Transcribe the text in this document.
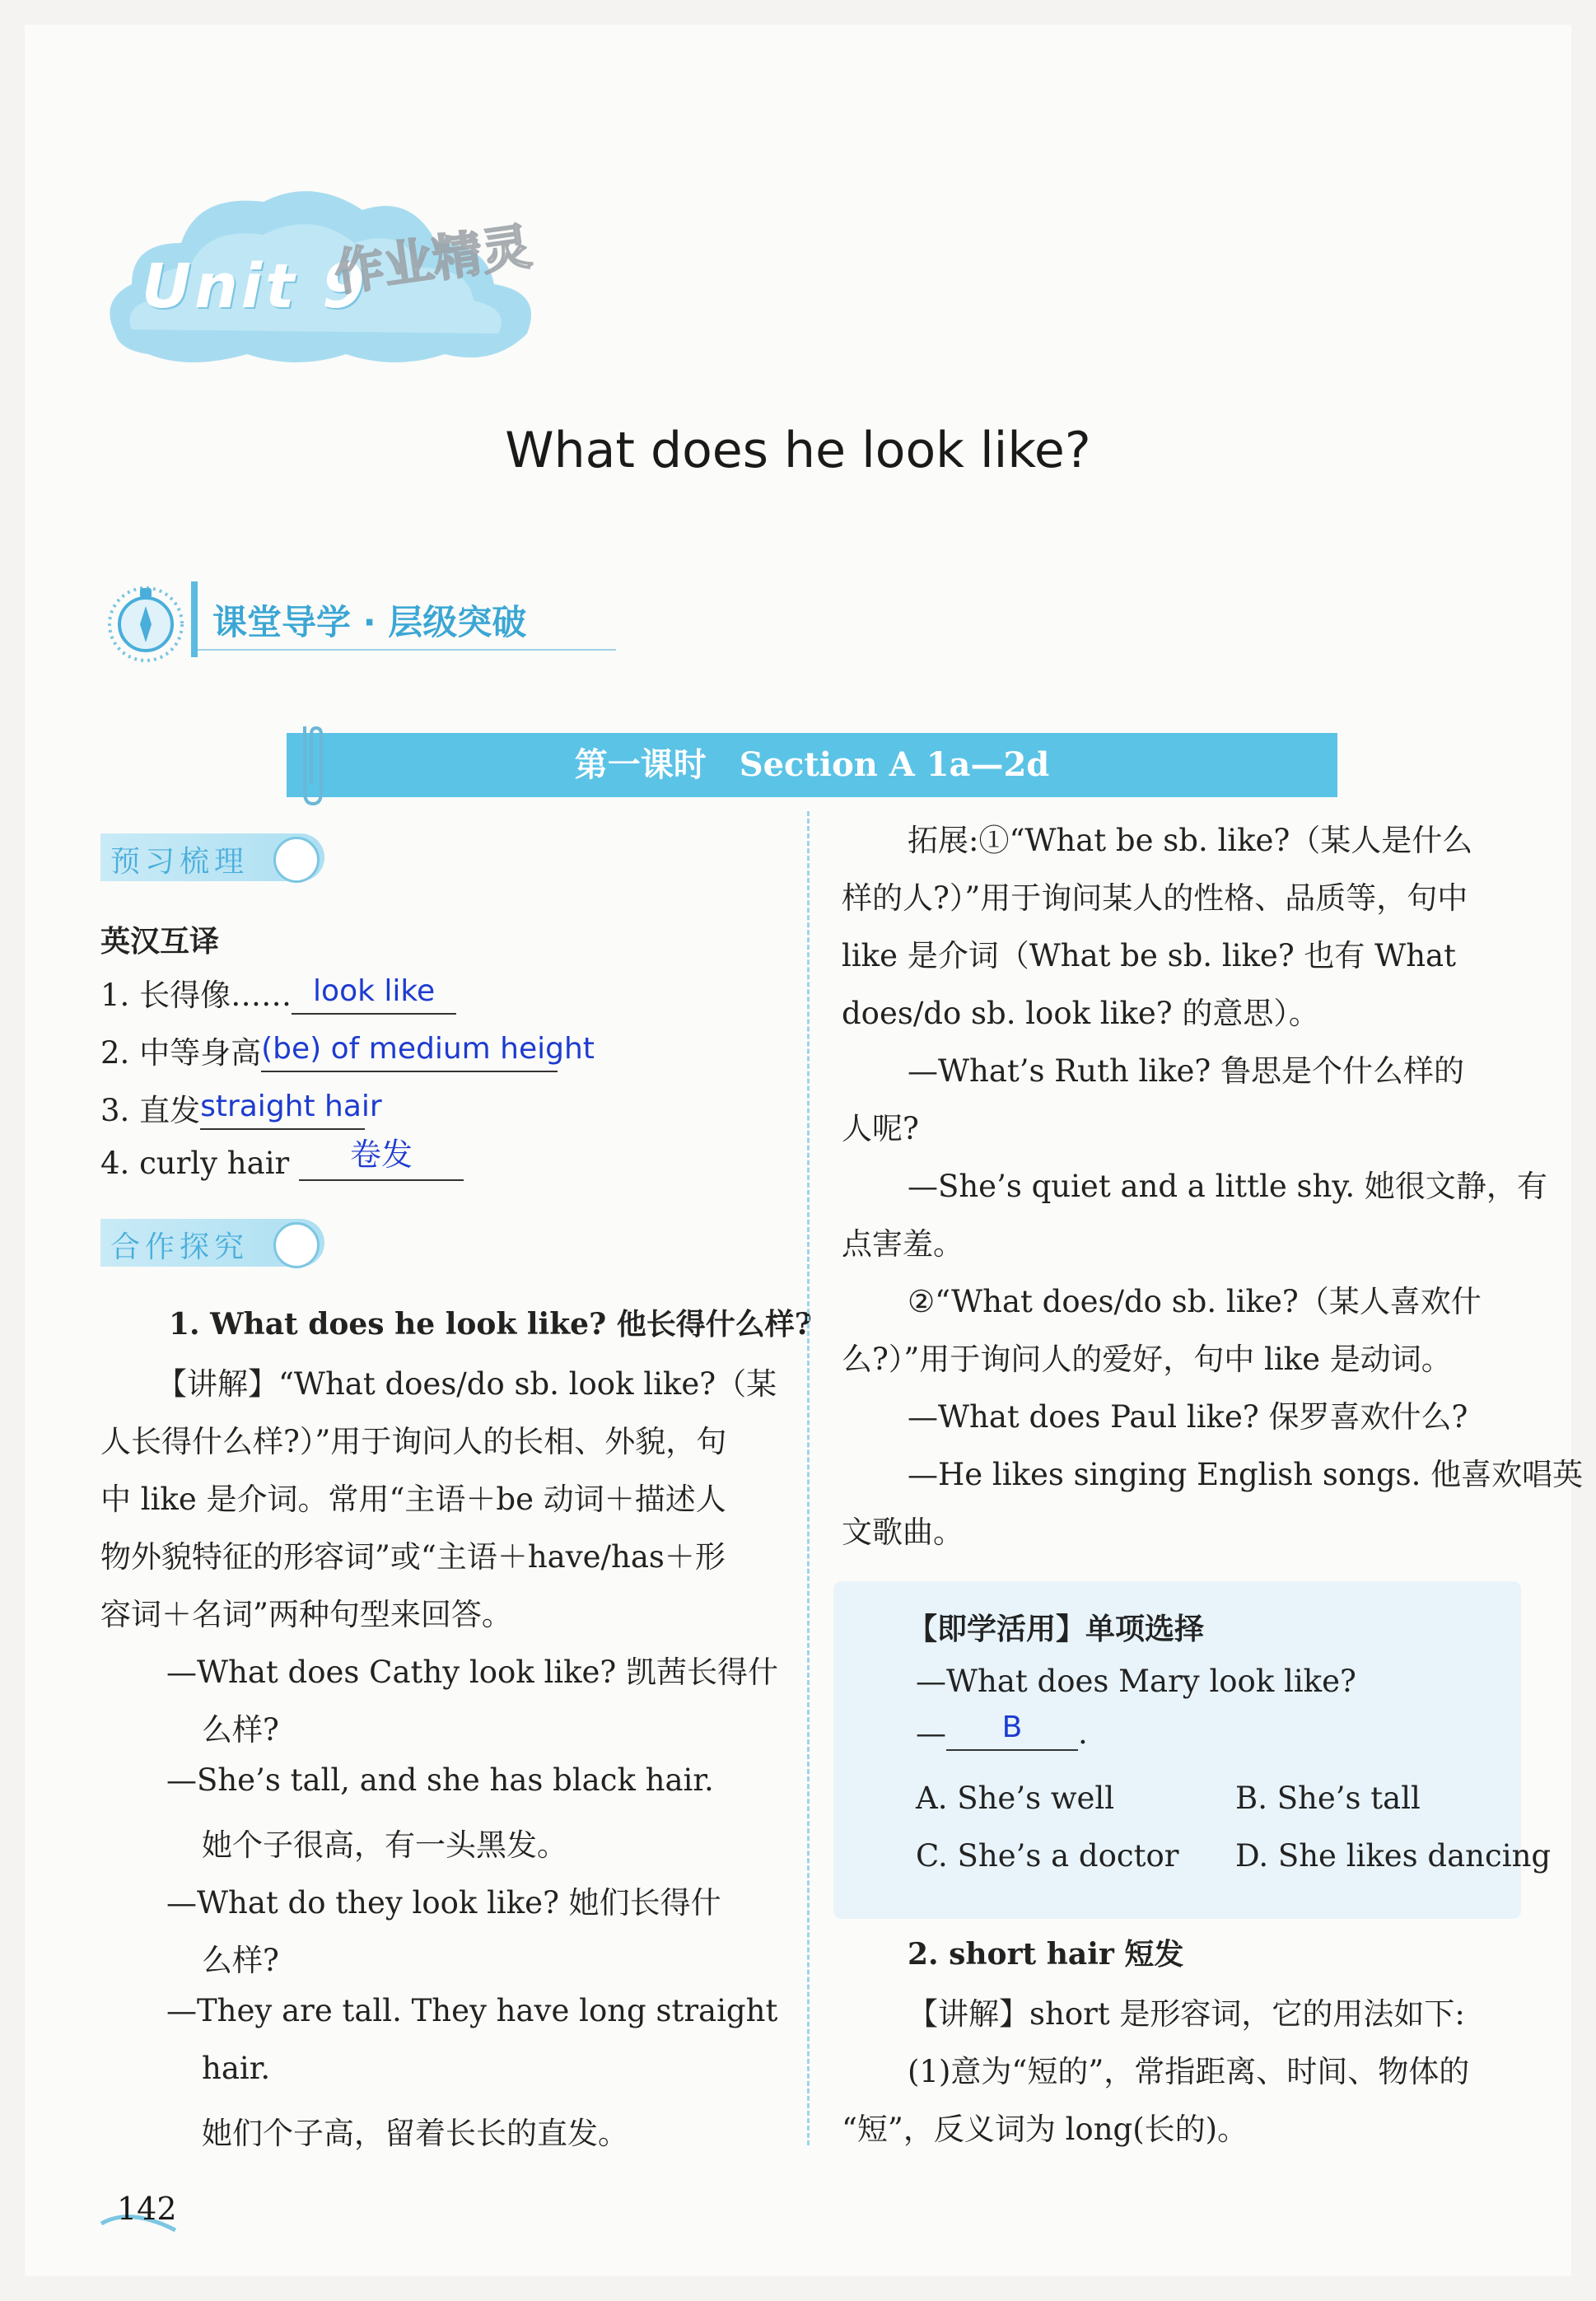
Unit 9
作业精灵
What does he look like?
课堂导学 · 层级突破
第一课时　Section A 1a—2d
预习梳理
英汉互译
1. 长得像…… look like
2. 中等身高 (be) of medium height
3. 直发 straight hair
4. curly hair	卷发
合作探究
1. What does he look like? 他长得什么样?
【讲解】“What does/do sb. look like?（某
人长得什么样?）”用于询问人的长相、外貌，句
中 like 是介词。常用“主语＋be 动词＋描述人
物外貌特征的形容词”或“主语＋have/has＋形
容词＋名词”两种句型来回答。
—What does Cathy look like? 凯茜长得什
么样?
—She’s tall, and she has black hair.
她个子很高，有一头黑发。
—What do they look like? 她们长得什
么样?
—They are tall. They have long straight
hair.
她们个子高，留着长长的直发。
拓展:①“What be sb. like?（某人是什么
样的人?）”用于询问某人的性格、品质等，句中
like 是介词（What be sb. like? 也有 What
does/do sb. look like? 的意思）。
—What’s Ruth like? 鲁思是个什么样的
人呢?
—She’s quiet and a little shy. 她很文静，有
点害羞。
②“What does/do sb. like?（某人喜欢什
么?）”用于询问人的爱好，句中 like 是动词。
—What does Paul like? 保罗喜欢什么?
—He likes singing English songs. 他喜欢唱英
文歌曲。
【即学活用】单项选择
—What does Mary look like?
—	B	.
A. She’s well	B. She’s tall
C. She’s a doctor D. She likes dancing
2. short hair 短发
【讲解】short 是形容词，它的用法如下:
(1)意为“短的”，常指距离、时间、物体的
“短”，反义词为 long(长的)。
142
